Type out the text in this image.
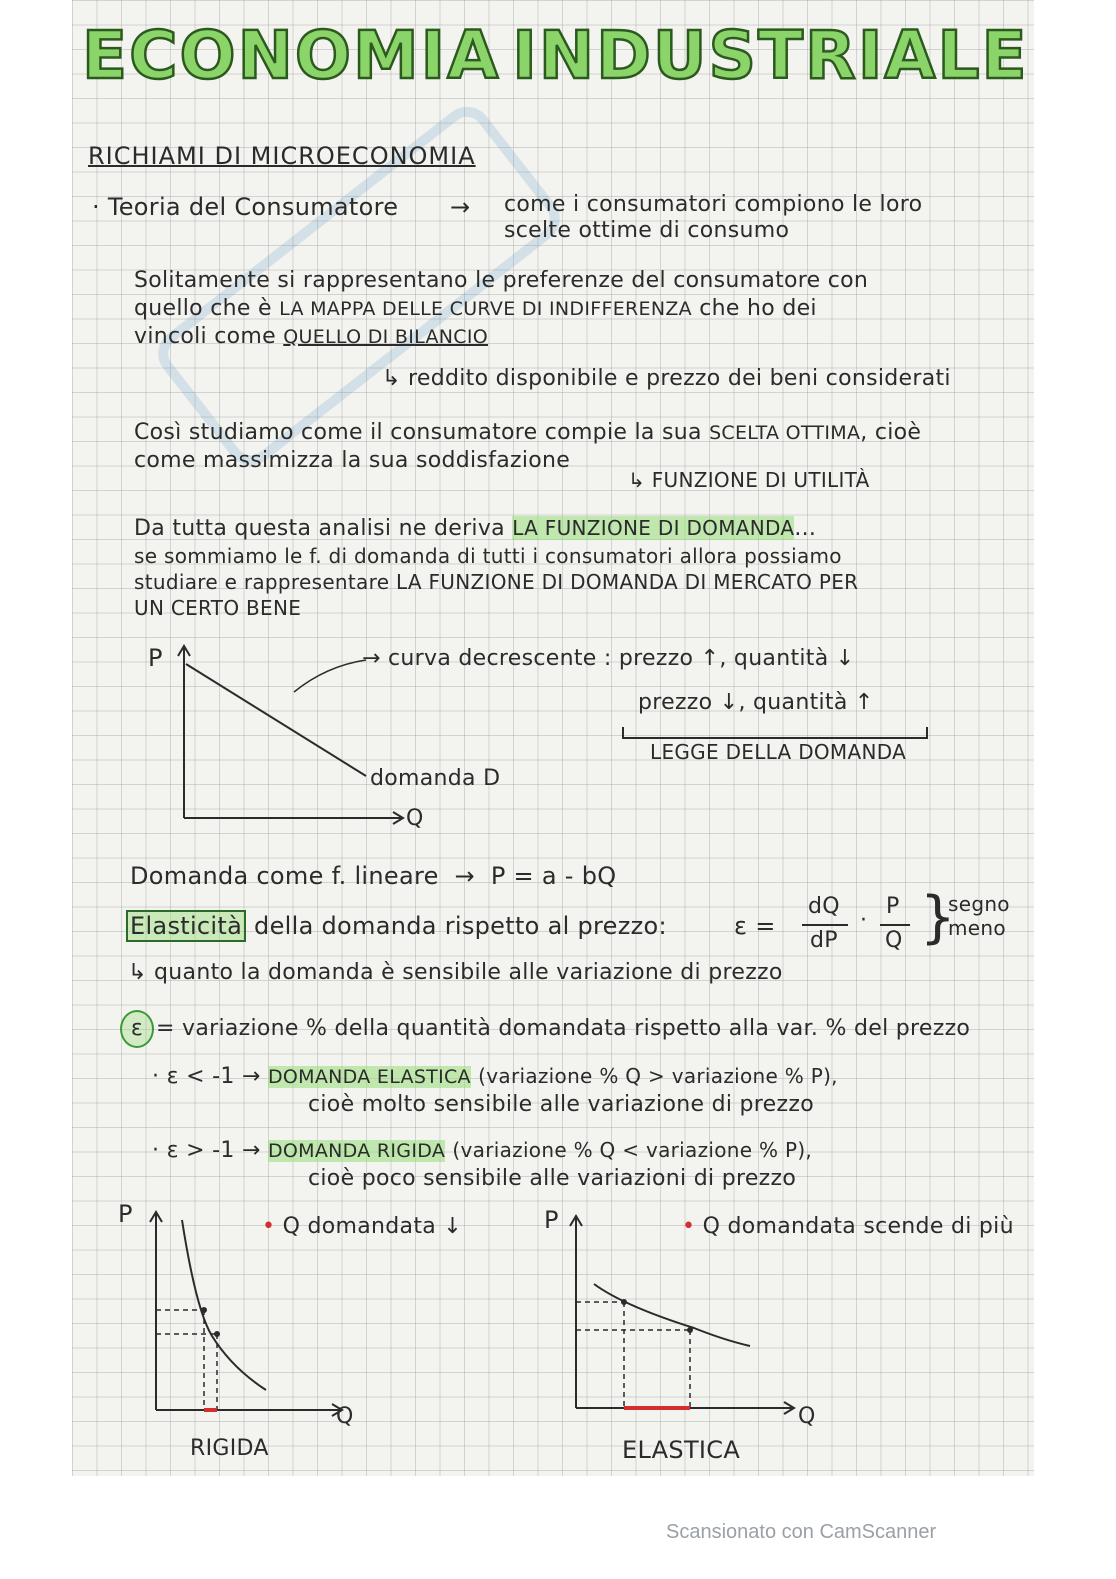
ECONOMIA INDUSTRIALE
RICHIAMI DI MICROECONOMIA
· Teoria del Consumatore → come i consumatori compiono le loro
scelte ottime di consumo
Solitamente si rappresentano le preferenze del consumatore con
quello che è LA MAPPA DELLE CURVE DI INDIFFERENZA che ho dei
vincoli come QUELLO DI BILANCIO
↳ reddito disponibile e prezzo dei beni considerati
Così studiamo come il consumatore compie la sua SCELTA OTTIMA, cioè
come massimizza la sua soddisfazione
↳ FUNZIONE DI UTILITÀ
Da tutta questa analisi ne deriva LA FUNZIONE DI DOMANDA...
se sommiamo le f. di domanda di tutti i consumatori allora possiamo
studiare e rappresentare LA FUNZIONE DI DOMANDA DI MERCATO PER
UN CERTO BENE
P
Q
domanda D
→ curva decrescente : prezzo ↑, quantità ↓
prezzo ↓, quantità ↑
LEGGE DELLA DOMANDA
Domanda come f. lineare  →  P = a - bQ
Elasticità della domanda rispetto al prezzo:	ε =
dQ
dP
·
P
Q }
segno
meno
↳ quanto la domanda è sensibile alle variazione di prezzo
ε = variazione % della quantità domandata rispetto alla var. % del prezzo
· ε < -1 → DOMANDA ELASTICA (variazione % Q > variazione % P),
cioè molto sensibile alle variazione di prezzo
· ε > -1 → DOMANDA RIGIDA (variazione % Q < variazione % P),
cioè poco sensibile alle variazioni di prezzo
P
Q
• Q domandata ↓
RIGIDA
P
Q
• Q domandata scende di più
ELASTICA
Scansionato con CamScanner
